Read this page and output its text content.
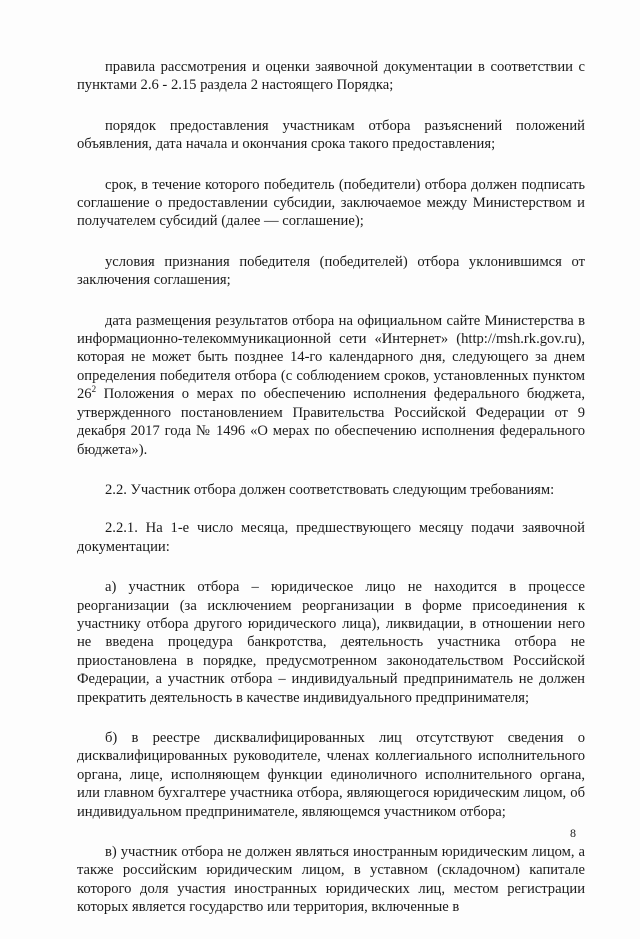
правила рассмотрения и оценки заявочной документации в соответствии с пунктами 2.6 - 2.15 раздела 2 настоящего Порядка;

порядок предоставления участникам отбора разъяснений положений объявления, дата начала и окончания срока такого предоставления;

срок, в течение которого победитель (победители) отбора должен подписать соглашение о предоставлении субсидии, заключаемое между Министерством и получателем субсидий (далее — соглашение);

условия признания победителя (победителей) отбора уклонившимся от заключения соглашения;

дата размещения результатов отбора на официальном сайте Министерства в информационно-телекоммуникационной сети «Интернет» (http://msh.rk.gov.ru), которая не может быть позднее 14-го календарного дня, следующего за днем определения победителя отбора (с соблюдением сроков, установленных пунктом $26^2$ Положения о мерах по обеспечению исполнения федерального бюджета, утвержденного постановлением Правительства Российской Федерации от 9 декабря 2017 года № 1496 «О мерах по обеспечению исполнения федерального бюджета»).

2.2. Участник отбора должен соответствовать следующим требованиям:

2.2.1. На 1-е число месяца, предшествующего месяцу подачи заявочной документации:

а) участник отбора – юридическое лицо не находится в процессе реорганизации (за исключением реорганизации в форме присоединения к участнику отбора другого юридического лица), ликвидации, в отношении него не введена процедура банкротства, деятельность участника отбора не приостановлена в порядке, предусмотренном законодательством Российской Федерации, а участник отбора – индивидуальный предприниматель не должен прекратить деятельность в качестве индивидуального предпринимателя;

б) в реестре дисквалифицированных лиц отсутствуют сведения о дисквалифицированных руководителе, членах коллегиального исполнительного органа, лице, исполняющем функции единоличного исполнительного органа, или главном бухгалтере участника отбора, являющегося юридическим лицом, об индивидуальном предпринимателе, являющемся участником отбора;

в) участник отбора не должен являться иностранным юридическим лицом, а также российским юридическим лицом, в уставном (складочном) капитале которого доля участия иностранных юридических лиц, местом регистрации которых является государство или территория, включенные в

8
